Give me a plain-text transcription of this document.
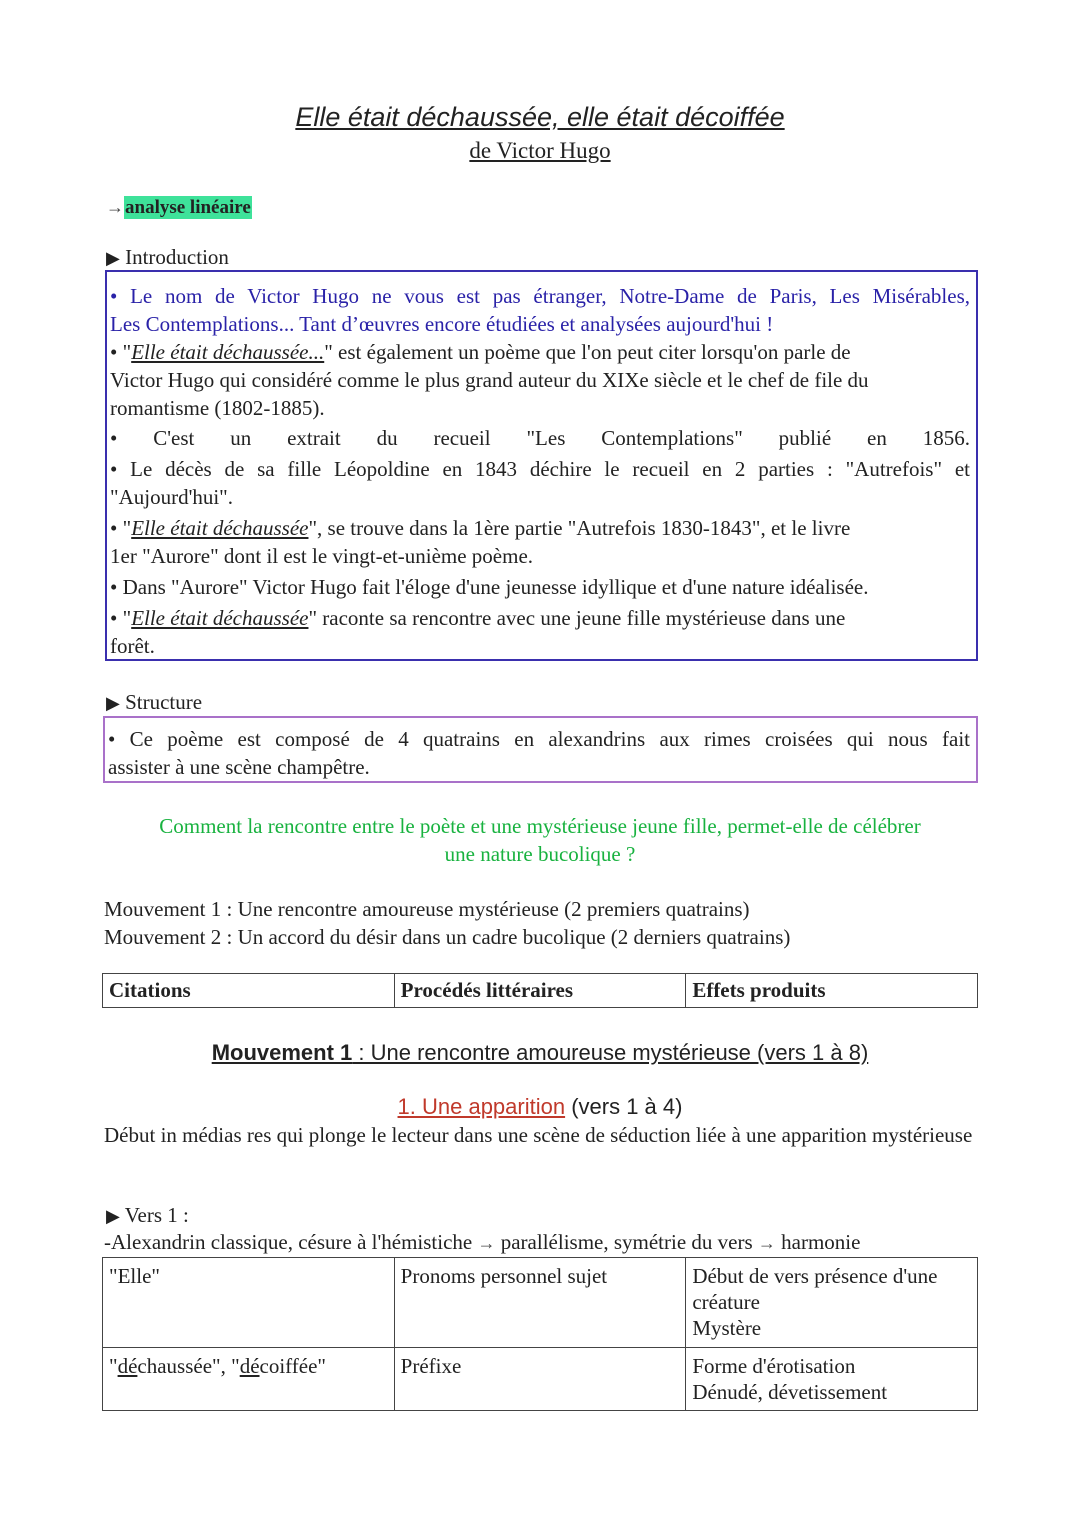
Elle était déchaussée, elle était décoiffée
de Victor Hugo
→analyse linéaire
▶ Introduction
• Le nom de Victor Hugo ne vous est pas étranger, Notre-Dame de Paris, Les Misérables,
Les Contemplations... Tant d’œuvres encore étudiées et analysées aujourd'hui !
• " Elle était déchaussée... " est également un poème que l'on peut citer lorsqu'on parle de
Victor Hugo qui considéré comme le plus grand auteur du XIXe siècle et le chef de file du
romantisme (1802-1885).
• C'est un extrait du recueil "Les Contemplations" publié en 1856.
• Le décès de sa fille Léopoldine en 1843 déchire le recueil en 2 parties : "Autrefois" et
"Aujourd'hui".
• " Elle était déchaussée ", se trouve dans la 1ère partie "Autrefois 1830-1843", et le livre
1er "Aurore" dont il est le vingt-et-unième poème.
• Dans "Aurore" Victor Hugo fait l'éloge d'une jeunesse idyllique et d'une nature idéalisée.
• " Elle était déchaussée " raconte sa rencontre avec une jeune fille mystérieuse dans une
forêt.
▶ Structure
• Ce poème est composé de 4 quatrains en alexandrins aux rimes croisées qui nous fait
assister à une scène champêtre.
Comment la rencontre entre le poète et une mystérieuse jeune fille, permet-elle de célébrer
une nature bucolique ?
Mouvement 1 : Une rencontre amoureuse mystérieuse (2 premiers quatrains)
Mouvement 2 : Un accord du désir dans un cadre bucolique (2 derniers quatrains)
Citations	Procédés littéraires	Effets produits
Mouvement 1 : Une rencontre amoureuse mystérieuse (vers 1 à 8)
1. Une apparition (vers 1 à 4)
Début in médias res qui plonge le lecteur dans une scène de séduction liée à une apparition mystérieuse
▶ Vers 1 :
-Alexandrin classique, césure à l'hémistiche → parallélisme, symétrie du vers → harmonie
"Elle"	Pronoms personnel sujet	Début de vers présence d'une
créature
Mystère

"déchaussée", "décoiffée"	Préfixe	Forme d'érotisation
Dénudé, dévetissement
